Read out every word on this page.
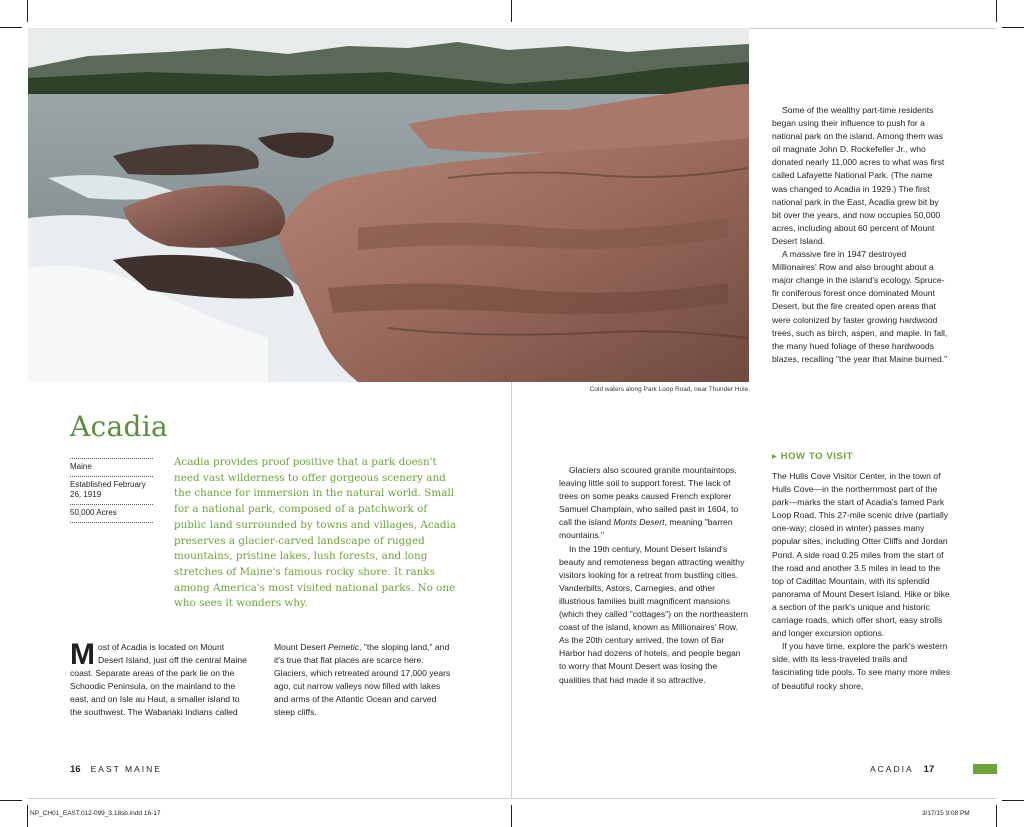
Cold waters along Park Loop Road, near Thunder Hole.
Acadia
Maine
Established February 26, 1919
50,000 Acres

Acadia provides proof positive that a park doesn't need vast wilderness to offer gorgeous scenery and the chance for immersion in the natural world. Small for a national park, composed of a patchwork of public land surrounded by towns and villages, Acadia preserves a glacier-carved landscape of rugged mountains, pristine lakes, lush forests, and long stretches of Maine's famous rocky shore. It ranks among America's most visited national parks. No one who sees it wonders why.

Most of Acadia is located on Mount Desert Island, just off the central Maine coast. Separate areas of the park lie on the Schoodic Peninsula, on the mainland to the east, and on Isle au Haut, a smaller island to the southwest. The Wabanaki Indians called

Mount Desert Pemetic, "the sloping land," and it's true that flat places are scarce here. Glaciers, which retreated around 17,000 years ago, cut narrow valleys now filled with lakes and arms of the Atlantic Ocean and carved steep cliffs.

Glaciers also scoured granite mountaintops, leaving little soil to support forest. The lack of trees on some peaks caused French explorer Samuel Champlain, who sailed past in 1604, to call the island Monts Desert, meaning "barren mountains."

In the 19th century, Mount Desert Island's beauty and remoteness began attracting wealthy visitors looking for a retreat from bustling cities. Vanderbilts, Astors, Carnegies, and other illustrious families built magnificent mansions (which they called "cottages") on the northeastern coast of the island, known as Millionaires' Row. As the 20th century arrived, the town of Bar Harbor had dozens of hotels, and people began to worry that Mount Desert was losing the qualities that had made it so attractive.

Some of the wealthy part-time residents began using their influence to push for a national park on the island. Among them was oil magnate John D. Rockefeller Jr., who donated nearly 11,000 acres to what was first called Lafayette National Park. (The name was changed to Acadia in 1929.) The first national park in the East, Acadia grew bit by bit over the years, and now occupies 50,000 acres, including about 60 percent of Mount Desert Island.

A massive fire in 1947 destroyed Millionaires' Row and also brought about a major change in the island's ecology. Spruce-fir coniferous forest once dominated Mount Desert, but the fire created open areas that were colonized by faster growing hardwood trees, such as birch, aspen, and maple. In fall, the many hued foliage of these hardwoods blazes, recalling "the year that Maine burned."

▸ HOW TO VISIT

The Hulls Cove Visitor Center, in the town of Hulls Cove—in the northernmost part of the park—marks the start of Acadia's famed Park Loop Road. This 27-mile scenic drive (partially one-way; closed in winter) passes many popular sites, including Otter Cliffs and Jordan Pond. A side road 0.25 miles from the start of the road and another 3.5 miles in lead to the top of Cadillac Mountain, with its splendid panorama of Mount Desert Island. Hike or bike a section of the park's unique and historic carriage roads, which offer short, easy strolls and longer excursion options.

If you have time, explore the park's western side, with its less-traveled trails and fascinating tide pools. To see many more miles of beautiful rocky shore,

16 EAST MAINE	ACADIA 17
NP_CH01_EAST.012-099_3.18sb.indd 16-17	3/17/15 9:08 PM
